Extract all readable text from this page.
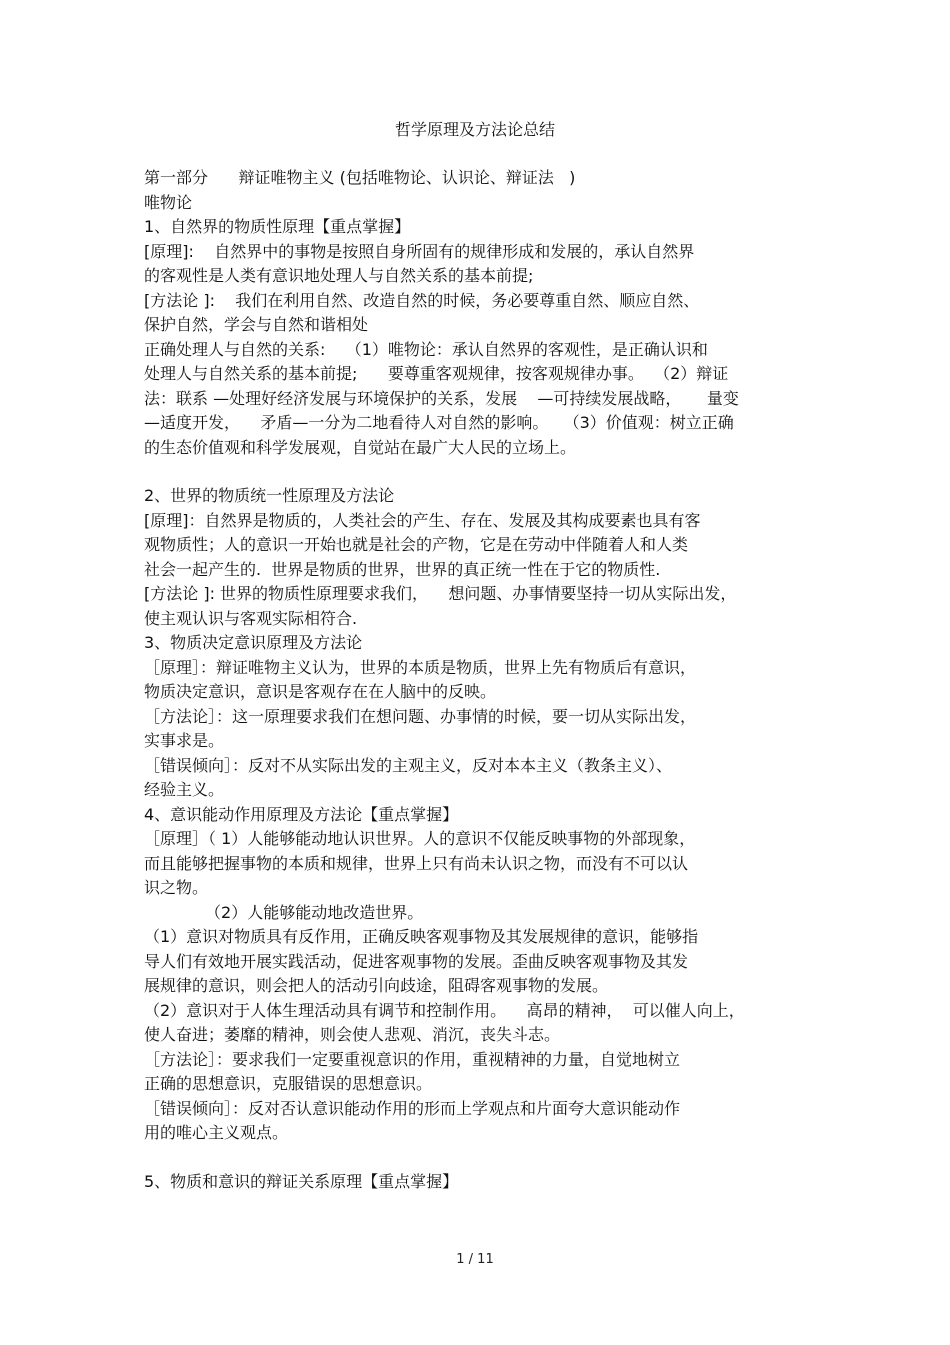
哲学原理及方法论总结
第一部分      辩证唯物主义 (包括唯物论、认识论、辩证法   )
唯物论
1、自然界的物质性原理【重点掌握】
[原理]:    自然界中的事物是按照自身所固有的规律形成和发展的，承认自然界
的客观性是人类有意识地处理人与自然关系的基本前提;
[方法论 ]:    我们在利用自然、改造自然的时候，务必要尊重自然、顺应自然、
保护自然，学会与自然和谐相处
正确处理人与自然的关系:    （1）唯物论：承认自然界的客观性，是正确认识和
处理人与自然关系的基本前提;      要尊重客观规律，按客观规律办事。  （2）辩证
法：联系 —处理好经济发展与环境保护的关系，发展    —可持续发展战略，     量变
—适度开发，    矛盾—一分为二地看待人对自然的影响。   （3）价值观：树立正确
的生态价值观和科学发展观，自觉站在最广大人民的立场上。
2、世界的物质统一性原理及方法论
[原理]：自然界是物质的，人类社会的产生、存在、发展及其构成要素也具有客
观物质性；人的意识一开始也就是社会的产物，它是在劳动中伴随着人和人类
社会一起产生的.  世界是物质的世界，世界的真正统一性在于它的物质性.
[方法论 ]: 世界的物质性原理要求我们，    想问题、办事情要坚持一切从实际出发，
使主观认识与客观实际相符合.
3、物质决定意识原理及方法论
［原理］：辩证唯物主义认为，世界的本质是物质，世界上先有物质后有意识，
物质决定意识，意识是客观存在在人脑中的反映。
［方法论］：这一原理要求我们在想问题、办事情的时候，要一切从实际出发，
实事求是。
［错误倾向］：反对不从实际出发的主观主义，反对本本主义（教条主义）、
经验主义。
4、意识能动作用原理及方法论【重点掌握】
［原理］（ 1）人能够能动地认识世界。人的意识不仅能反映事物的外部现象，
而且能够把握事物的本质和规律，世界上只有尚未认识之物，而没有不可以认
识之物。
（2）人能够能动地改造世界。
（1）意识对物质具有反作用，正确反映客观事物及其发展规律的意识，能够指
导人们有效地开展实践活动，促进客观事物的发展。歪曲反映客观事物及其发
展规律的意识，则会把人的活动引向歧途，阻碍客观事物的发展。
（2）意识对于人体生理活动具有调节和控制作用。    高昂的精神，  可以催人向上，
使人奋进；萎靡的精神，则会使人悲观、消沉，丧失斗志。
［方法论］：要求我们一定要重视意识的作用，重视精神的力量，自觉地树立
正确的思想意识，克服错误的思想意识。
［错误倾向］：反对否认意识能动作用的形而上学观点和片面夸大意识能动作
用的唯心主义观点。
5、物质和意识的辩证关系原理【重点掌握】
1 / 11
